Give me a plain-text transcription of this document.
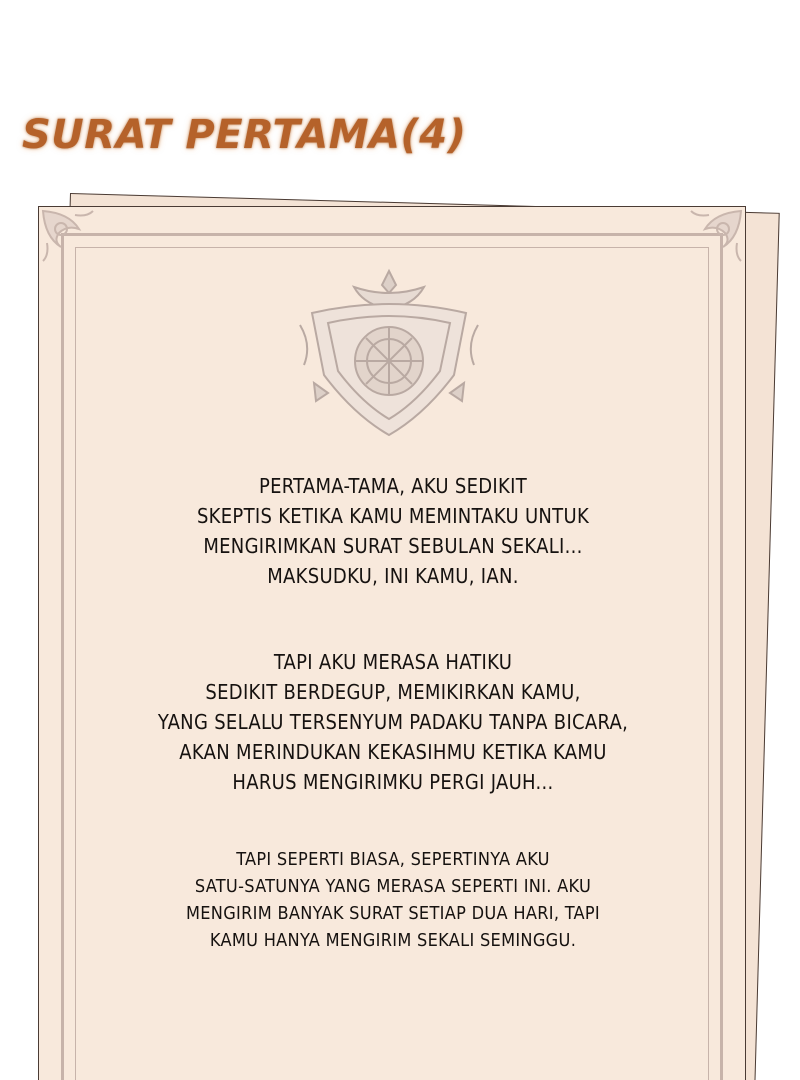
SURAT PERTAMA(4)

PERTAMA-TAMA, AKU SEDIKIT
SKEPTIS KETIKA KAMU MEMINTAKU UNTUK
MENGIRIMKAN SURAT SEBULAN SEKALI...
MAKSUDKU, INI KAMU, IAN.

TAPI AKU MERASA HATIKU
SEDIKIT BERDEGUP, MEMIKIRKAN KAMU,
YANG SELALU TERSENYUM PADAKU TANPA BICARA,
AKAN MERINDUKAN KEKASIHMU KETIKA KAMU
HARUS MENGIRIMKU PERGI JAUH...

TAPI SEPERTI BIASA, SEPERTINYA AKU
SATU-SATUNYA YANG MERASA SEPERTI INI. AKU
MENGIRIM BANYAK SURAT SETIAP DUA HARI, TAPI
KAMU HANYA MENGIRIM SEKALI SEMINGGU.
